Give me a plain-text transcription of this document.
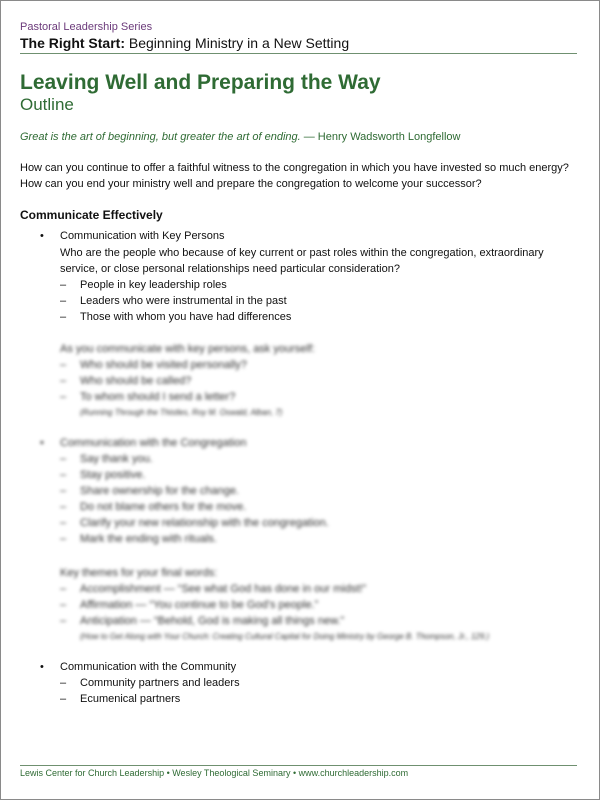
Pastoral Leadership Series
The Right Start: Beginning Ministry in a New Setting
Leaving Well and Preparing the Way
Outline
Great is the art of beginning, but greater the art of ending. — Henry Wadsworth Longfellow
How can you continue to offer a faithful witness to the congregation in which you have invested so much energy?
How can you end your ministry well and prepare the congregation to welcome your successor?
Communicate Effectively
• Communication with Key Persons
Who are the people who because of key current or past roles within the congregation, extraordinary
service, or close personal relationships need particular consideration?
– People in key leadership roles
– Leaders who were instrumental in the past
– Those with whom you have had differences
As you communicate with key persons, ask yourself:
– Who should be visited personally?
– Who should be called?
– To whom should I send a letter?
(Running Through the Thistles, Roy M. Oswald, Alban, 7)
• Communication with the Congregation
– Say thank you.
– Stay positive.
– Share ownership for the change.
– Do not blame others for the move.
– Clarify your new relationship with the congregation.
– Mark the ending with rituals.
Key themes for your final words:
– Accomplishment — “See what God has done in our midst!”
– Affirmation — “You continue to be God’s people.”
– Anticipation — “Behold, God is making all things new.”
(How to Get Along with Your Church: Creating Cultural Capital for Doing Ministry by George B. Thompson, Jr., 129.)
• Communication with the Community
– Community partners and leaders
– Ecumenical partners
Lewis Center for Church Leadership • Wesley Theological Seminary • www.churchleadership.com
